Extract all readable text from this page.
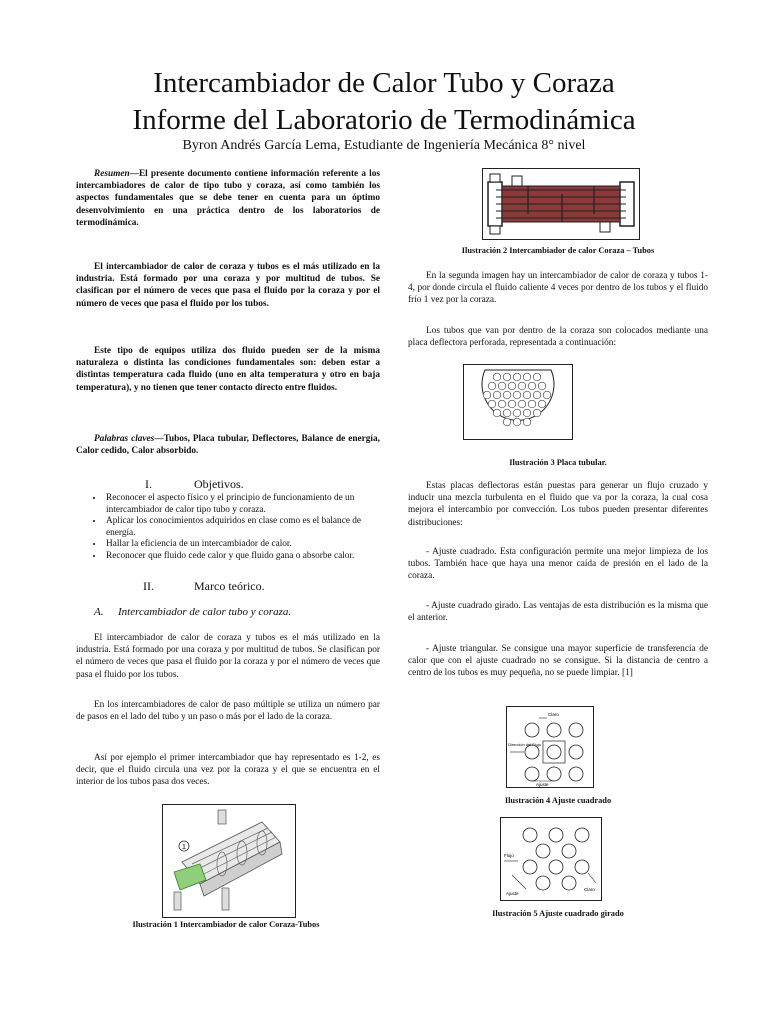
Intercambiador de Calor Tubo y Coraza
Informe del Laboratorio de Termodinámica
Byron Andrés García Lema, Estudiante de Ingeniería Mecánica 8° nivel

Resumen—El presente documento contiene información referente a los intercambiadores de calor de tipo tubo y coraza, así como también los aspectos fundamentales que se debe tener en cuenta para un óptimo desenvolvimiento en una práctica dentro de los laboratorios de termodinámica.

El intercambiador de calor de coraza y tubos es el más utilizado en la industria. Está formado por una coraza y por multitud de tubos. Se clasifican por el número de veces que pasa el fluido por la coraza y por el número de veces que pasa el fluido por los tubos.

Este tipo de equipos utiliza dos fluido pueden ser de la misma naturaleza o distinta las condiciones fundamentales son: deben estar a distintas temperatura cada fluido (uno en alta temperatura y otro en baja temperatura), y no tienen que tener contacto directo entre fluidos.

Palabras claves—Tubos, Placa tubular, Deflectores, Balance de energía, Calor cedido, Calor absorbido.

I.	Objetivos.
• Reconocer el aspecto físico y el principio de funcionamiento de un intercambiador de calor tipo tubo y coraza.
• Aplicar los conocimientos adquiridos en clase como es el balance de energía.
• Hallar la eficiencia de un intercambiador de calor.
• Reconocer que fluido cede calor y que fluido gana o absorbe calor.
II.	Marco teórico.
A. Intercambiador de calor tubo y coraza.

El intercambiador de calor de coraza y tubos es el más utilizado en la industria. Está formado por una coraza y por multitud de tubos. Se clasifican por el número de veces que pasa el fluido por la coraza y por el número de veces que pasa el fluido por los tubos.

En los intercambiadores de calor de paso múltiple se utiliza un número par de pasos en el lado del tubo y un paso o más por el lado de la coraza.

Así por ejemplo el primer intercambiador que hay representado es 1-2, es decir, que el fluido circula una vez por la coraza y el que se encuentra en el interior de los tubos pasa dos veces.

1
Ilustración 1 Intercambiador de calor Coraza-Tubos
Ilustración 2 Intercambiador de calor Coraza – Tubos

En la segunda imagen hay un intercambiador de calor de coraza y tubos 1-4, por donde circula el fluido caliente 4 veces por dentro de los tubos y el fluido frío 1 vez por la coraza.

Los tubos que van por dentro de la coraza son colocados mediante una placa deflectora perforada, representada a continuación:

Ilustración 3 Placa tubular.

Estas placas deflectoras están puestas para generar un flujo cruzado y inducir una mezcla turbulenta en el fluido que va por la coraza, la cual cosa mejora el intercambio por convección. Los tubos pueden presentar diferentes distribuciones:

- Ajuste cuadrado. Esta configuración permite una mejor limpieza de los tubos. También hace que haya una menor caída de presión en el lado de la coraza.

- Ajuste cuadrado girado. Las ventajas de esta distribución es la misma que el anterior.

- Ajuste triangular. Se consigue una mayor superficie de transferencia de calor que con el ajuste cuadrado no se consigue. Si la distancia de centro a centro de los tubos es muy pequeña, no se puede limpiar. [1]

Claro
Dirección del Flujo
Ajuste
Ilustración 4 Ajuste cuadrado
Flujo
Ajuste
Claro
Ilustración 5 Ajuste cuadrado girado
